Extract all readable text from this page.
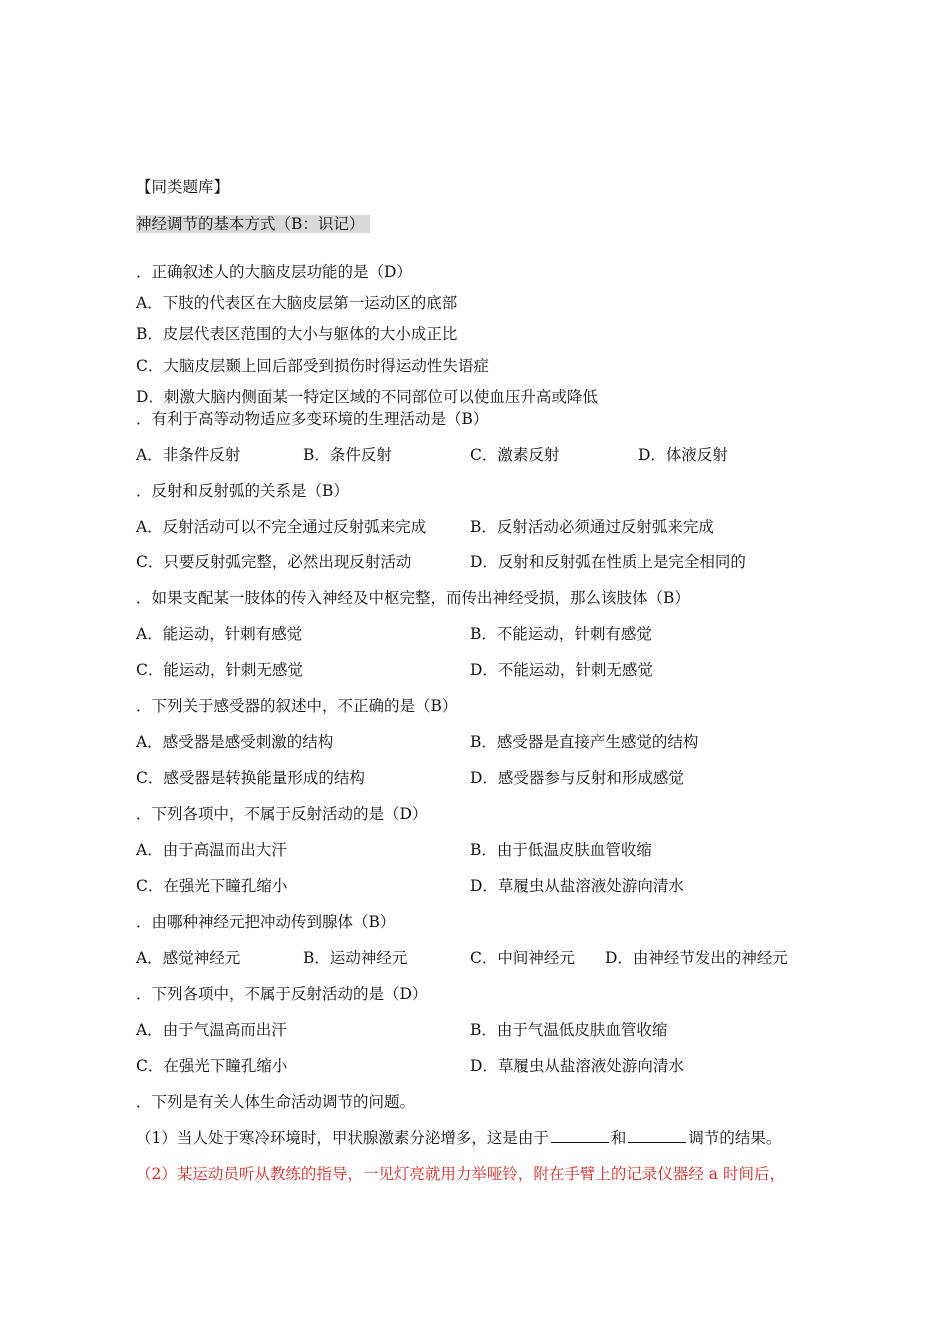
【同类题库】
神经调节的基本方式（B：识记）
．正确叙述人的大脑皮层功能的是（D）
A．下肢的代表区在大脑皮层第一运动区的底部
B．皮层代表区范围的大小与躯体的大小成正比
C．大脑皮层颞上回后部受到损伤时得运动性失语症
D．刺激大脑内侧面某一特定区域的不同部位可以使血压升高或降低
．有利于高等动物适应多变环境的生理活动是（B）
A．非条件反射	B．条件反射	C．激素反射	D．体液反射
．反射和反射弧的关系是（B）
A．反射活动可以不完全通过反射弧来完成	B．反射活动必须通过反射弧来完成
C．只要反射弧完整，必然出现反射活动	D．反射和反射弧在性质上是完全相同的
．如果支配某一肢体的传入神经及中枢完整，而传出神经受损，那么该肢体（B）
A．能运动，针刺有感觉	B．不能运动，针刺有感觉
C．能运动，针刺无感觉	D．不能运动，针刺无感觉
．下列关于感受器的叙述中，不正确的是（B）
A．感受器是感受刺激的结构	B．感受器是直接产生感觉的结构
C．感受器是转换能量形成的结构	D．感受器参与反射和形成感觉
．下列各项中，不属于反射活动的是（D）
A．由于高温而出大汗	B．由于低温皮肤血管收缩
C．在强光下瞳孔缩小	D．草履虫从盐溶液处游向清水
．由哪种神经元把冲动传到腺体（B）
A．感觉神经元	B．运动神经元	C．中间神经元 D．由神经节发出的神经元
．下列各项中，不属于反射活动的是（D）
A．由于气温高而出汗	B．由于气温低皮肤血管收缩
C．在强光下瞳孔缩小	D．草履虫从盐溶液处游向清水
．下列是有关人体生命活动调节的问题。
（1）当人处于寒冷环境时，甲状腺激素分泌增多，这是由于	和	调节的结果。
（2）某运动员听从教练的指导，一见灯亮就用力举哑铃，附在手臂上的记录仪器经 a 时间后，
